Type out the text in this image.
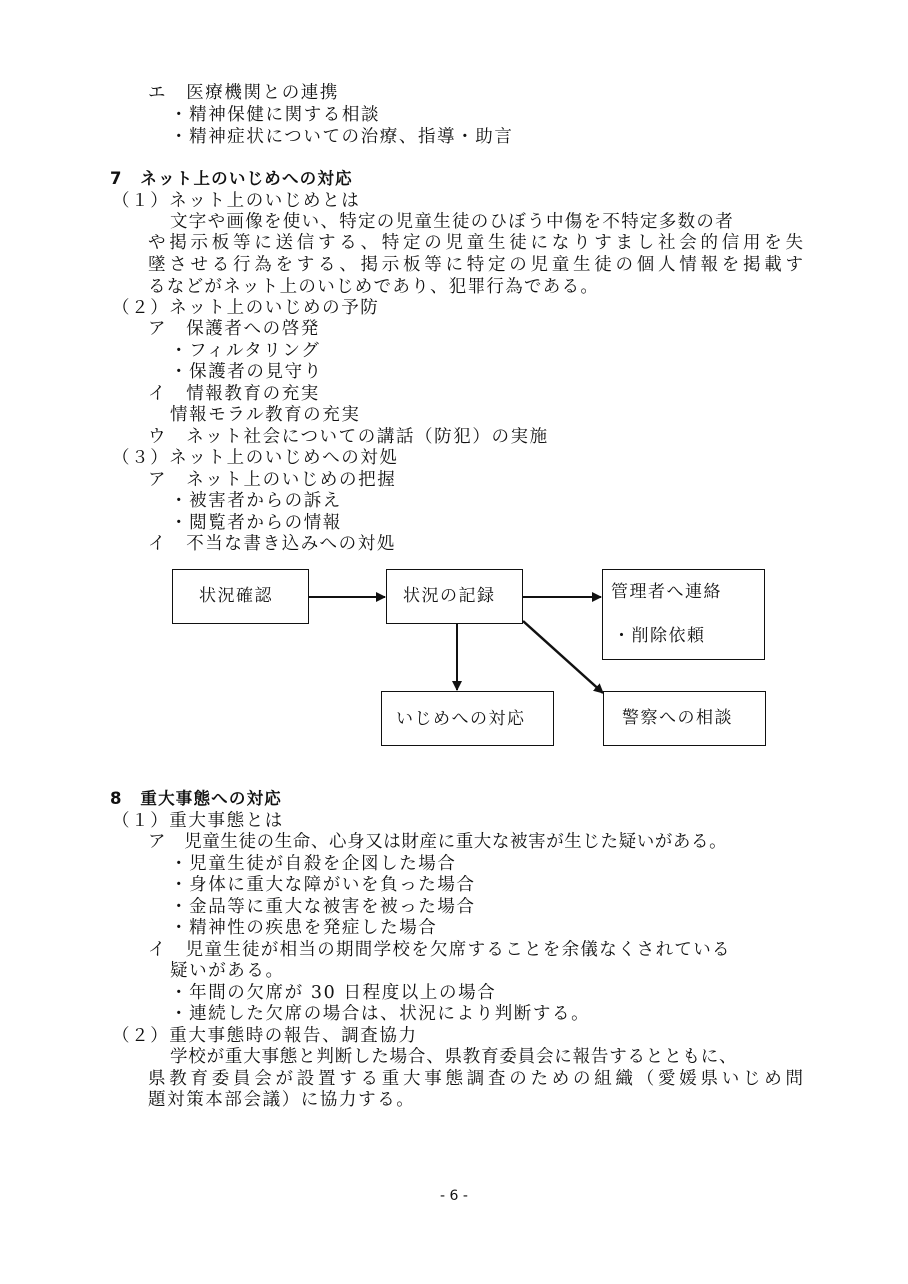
エ　医療機関との連携
・精神保健に関する相談
・精神症状についての治療、指導・助言
7　ネット上のいじめへの対応
（１）ネット上のいじめとは
文字や画像を使い、特定の児童生徒のひぼう中傷を不特定多数の者
や掲示板等に送信する、特定の児童生徒になりすまし社会的信用を失
墜させる行為をする、掲示板等に特定の児童生徒の個人情報を掲載す
るなどがネット上のいじめであり、犯罪行為である。
（２）ネット上のいじめの予防
ア　保護者への啓発
・フィルタリング
・保護者の見守り
イ　情報教育の充実
情報モラル教育の充実
ウ　ネット社会についての講話（防犯）の実施
（３）ネット上のいじめへの対処
ア　ネット上のいじめの把握
・被害者からの訴え
・閲覧者からの情報
イ　不当な書き込みへの対処
状況確認	状況の記録	管理者へ連絡
・削除依頼
いじめへの対応	警察への相談
8　重大事態への対応
（１）重大事態とは
ア　児童生徒の生命、心身又は財産に重大な被害が生じた疑いがある。
・児童生徒が自殺を企図した場合
・身体に重大な障がいを負った場合
・金品等に重大な被害を被った場合
・精神性の疾患を発症した場合
イ　児童生徒が相当の期間学校を欠席することを余儀なくされている
疑いがある。
・年間の欠席が 30 日程度以上の場合
・連続した欠席の場合は、状況により判断する。
（２）重大事態時の報告、調査協力
学校が重大事態と判断した場合、県教育委員会に報告するとともに、
県教育委員会が設置する重大事態調査のための組織（愛媛県いじめ問
題対策本部会議）に協力する。
- 6 -
